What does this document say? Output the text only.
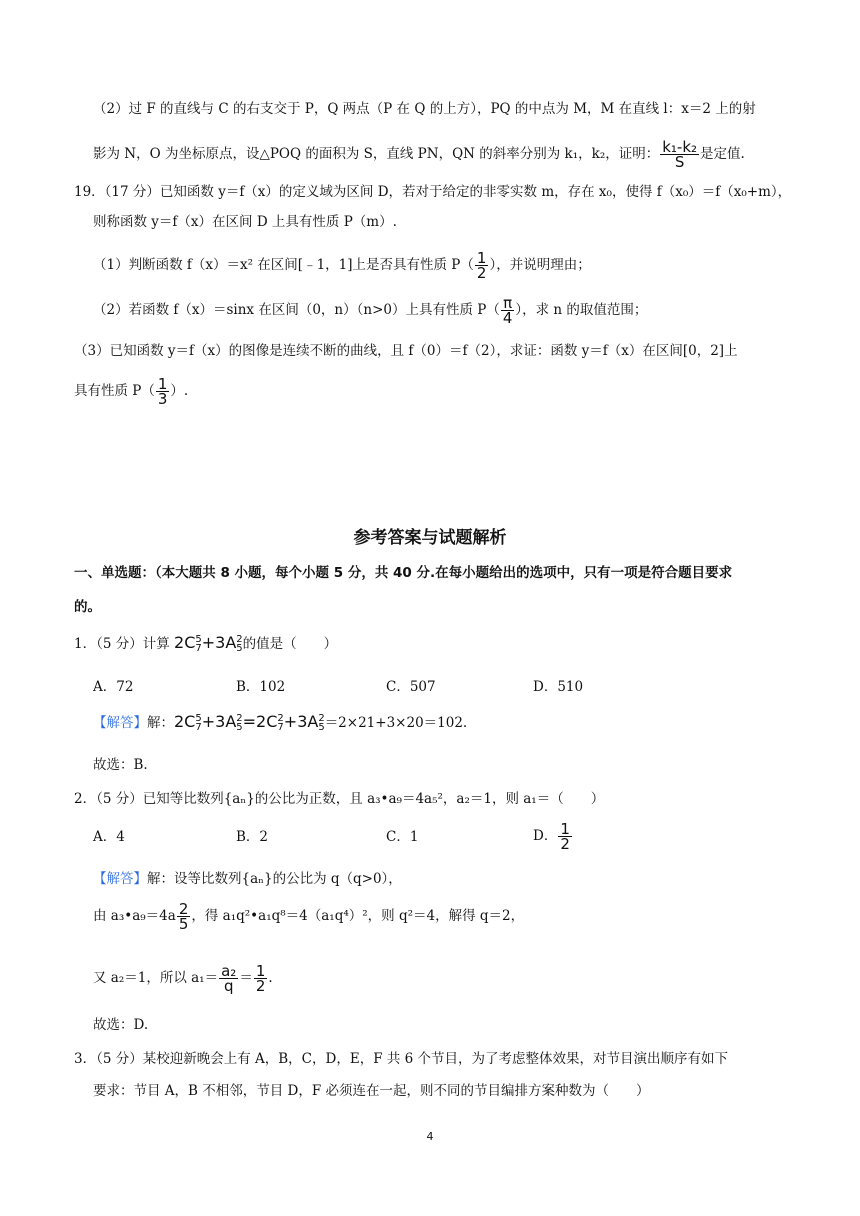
（2）过 F 的直线与 C 的右支交于 P，Q 两点（P 在 Q 的上方），PQ 的中点为 M，M 在直线 l：x＝2 上的射
影为 N，O 为坐标原点，设△POQ 的面积为 S，直线 PN，QN 的斜率分别为 k₁，k₂，证明： $\frac{\text{k₁-k₂}}{S}$ 是定值.
19．（17 分）已知函数 y＝f（x）的定义域为区间 D，若对于给定的非零实数 m，存在 x₀，使得 f（x₀）＝f（x₀+m），
则称函数 y＝f（x）在区间 D 上具有性质 P（m）.
（1）判断函数 f（x）＝x² 在区间[﹣1，1]上是否具有性质 $P( \frac{1}{2}$ ），并说明理由；
（2）若函数 f（x）＝sinx 在区间（0，n）（n>0）上具有性质 $P( \frac{\pi}{4}$ ），求 n 的取值范围；
（3）已知函数 y＝f（x）的图像是连续不断的曲线，且 f（0）＝f（2），求证：函数 y＝f（x）在区间[0，2]上
具有性质 $P( \frac{1}{3}$ ）.
参考答案与试题解析
一、单选题：（本大题共 8 小题，每个小题 5 分，共 40 分.在每小题给出的选项中，只有一项是符合题目要求
的。
1．（5 分）计算 2C 5
7 +3A 2
5 的值是（　　）
A．72	B．102	C．507	D．510
【解答】解：2C 5
7 +3A 2
5 =2C 2
7 +3A 2
5 ＝2×21+3×20＝102.
故选：B.
2．（5 分）已知等比数列{aₙ}的公比为正数，且 a₃•a₉＝4a₅²，a₂＝1，则 a₁＝（　　）
A．4	B．2	C．1	D． $\frac{1}{2}$
【解答】解：设等比数列{aₙ}的公比为 q（q>0），
由 a₃•a₉＝4a $\frac{2}{5}$ ，得 a₁q²•a₁q⁸＝4（a₁q⁴）²，则 q²＝4，解得 q＝2，
又 a₂＝1，所以 $a_1= \frac{\text{a₂}}{q} = \frac{1}{2}$ .
故选：D.
3．（5 分）某校迎新晚会上有 A，B，C，D，E，F 共 6 个节目，为了考虑整体效果，对节目演出顺序有如下
要求：节目 A，B 不相邻，节目 D，F 必须连在一起，则不同的节目编排方案种数为（　　）
4
